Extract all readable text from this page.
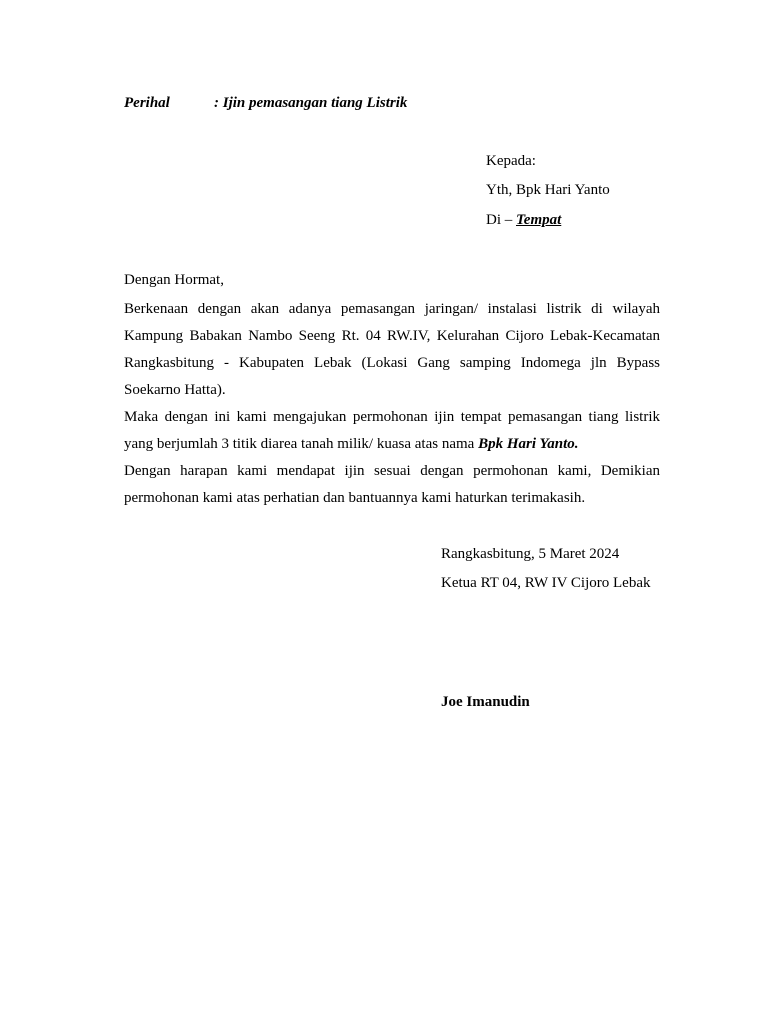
Perihal	: Ijin pemasangan tiang Listrik
Kepada:
Yth, Bpk Hari Yanto
Di – Tempat
Dengan Hormat,
Berkenaan dengan akan adanya pemasangan jaringan/ instalasi listrik di wilayah
Kampung Babakan Nambo Seeng Rt. 04 RW.IV, Kelurahan Cijoro Lebak-Kecamatan
Rangkasbitung - Kabupaten Lebak (Lokasi Gang samping Indomega jln Bypass
Soekarno Hatta).
Maka dengan ini kami mengajukan permohonan ijin tempat pemasangan tiang listrik
yang berjumlah 3 titik diarea tanah milik/ kuasa atas nama Bpk Hari Yanto.
Dengan harapan kami mendapat ijin sesuai dengan permohonan kami, Demikian
permohonan kami atas perhatian dan bantuannya kami haturkan terimakasih.
Rangkasbitung, 5 Maret 2024
Ketua RT 04, RW IV Cijoro Lebak
Joe Imanudin
